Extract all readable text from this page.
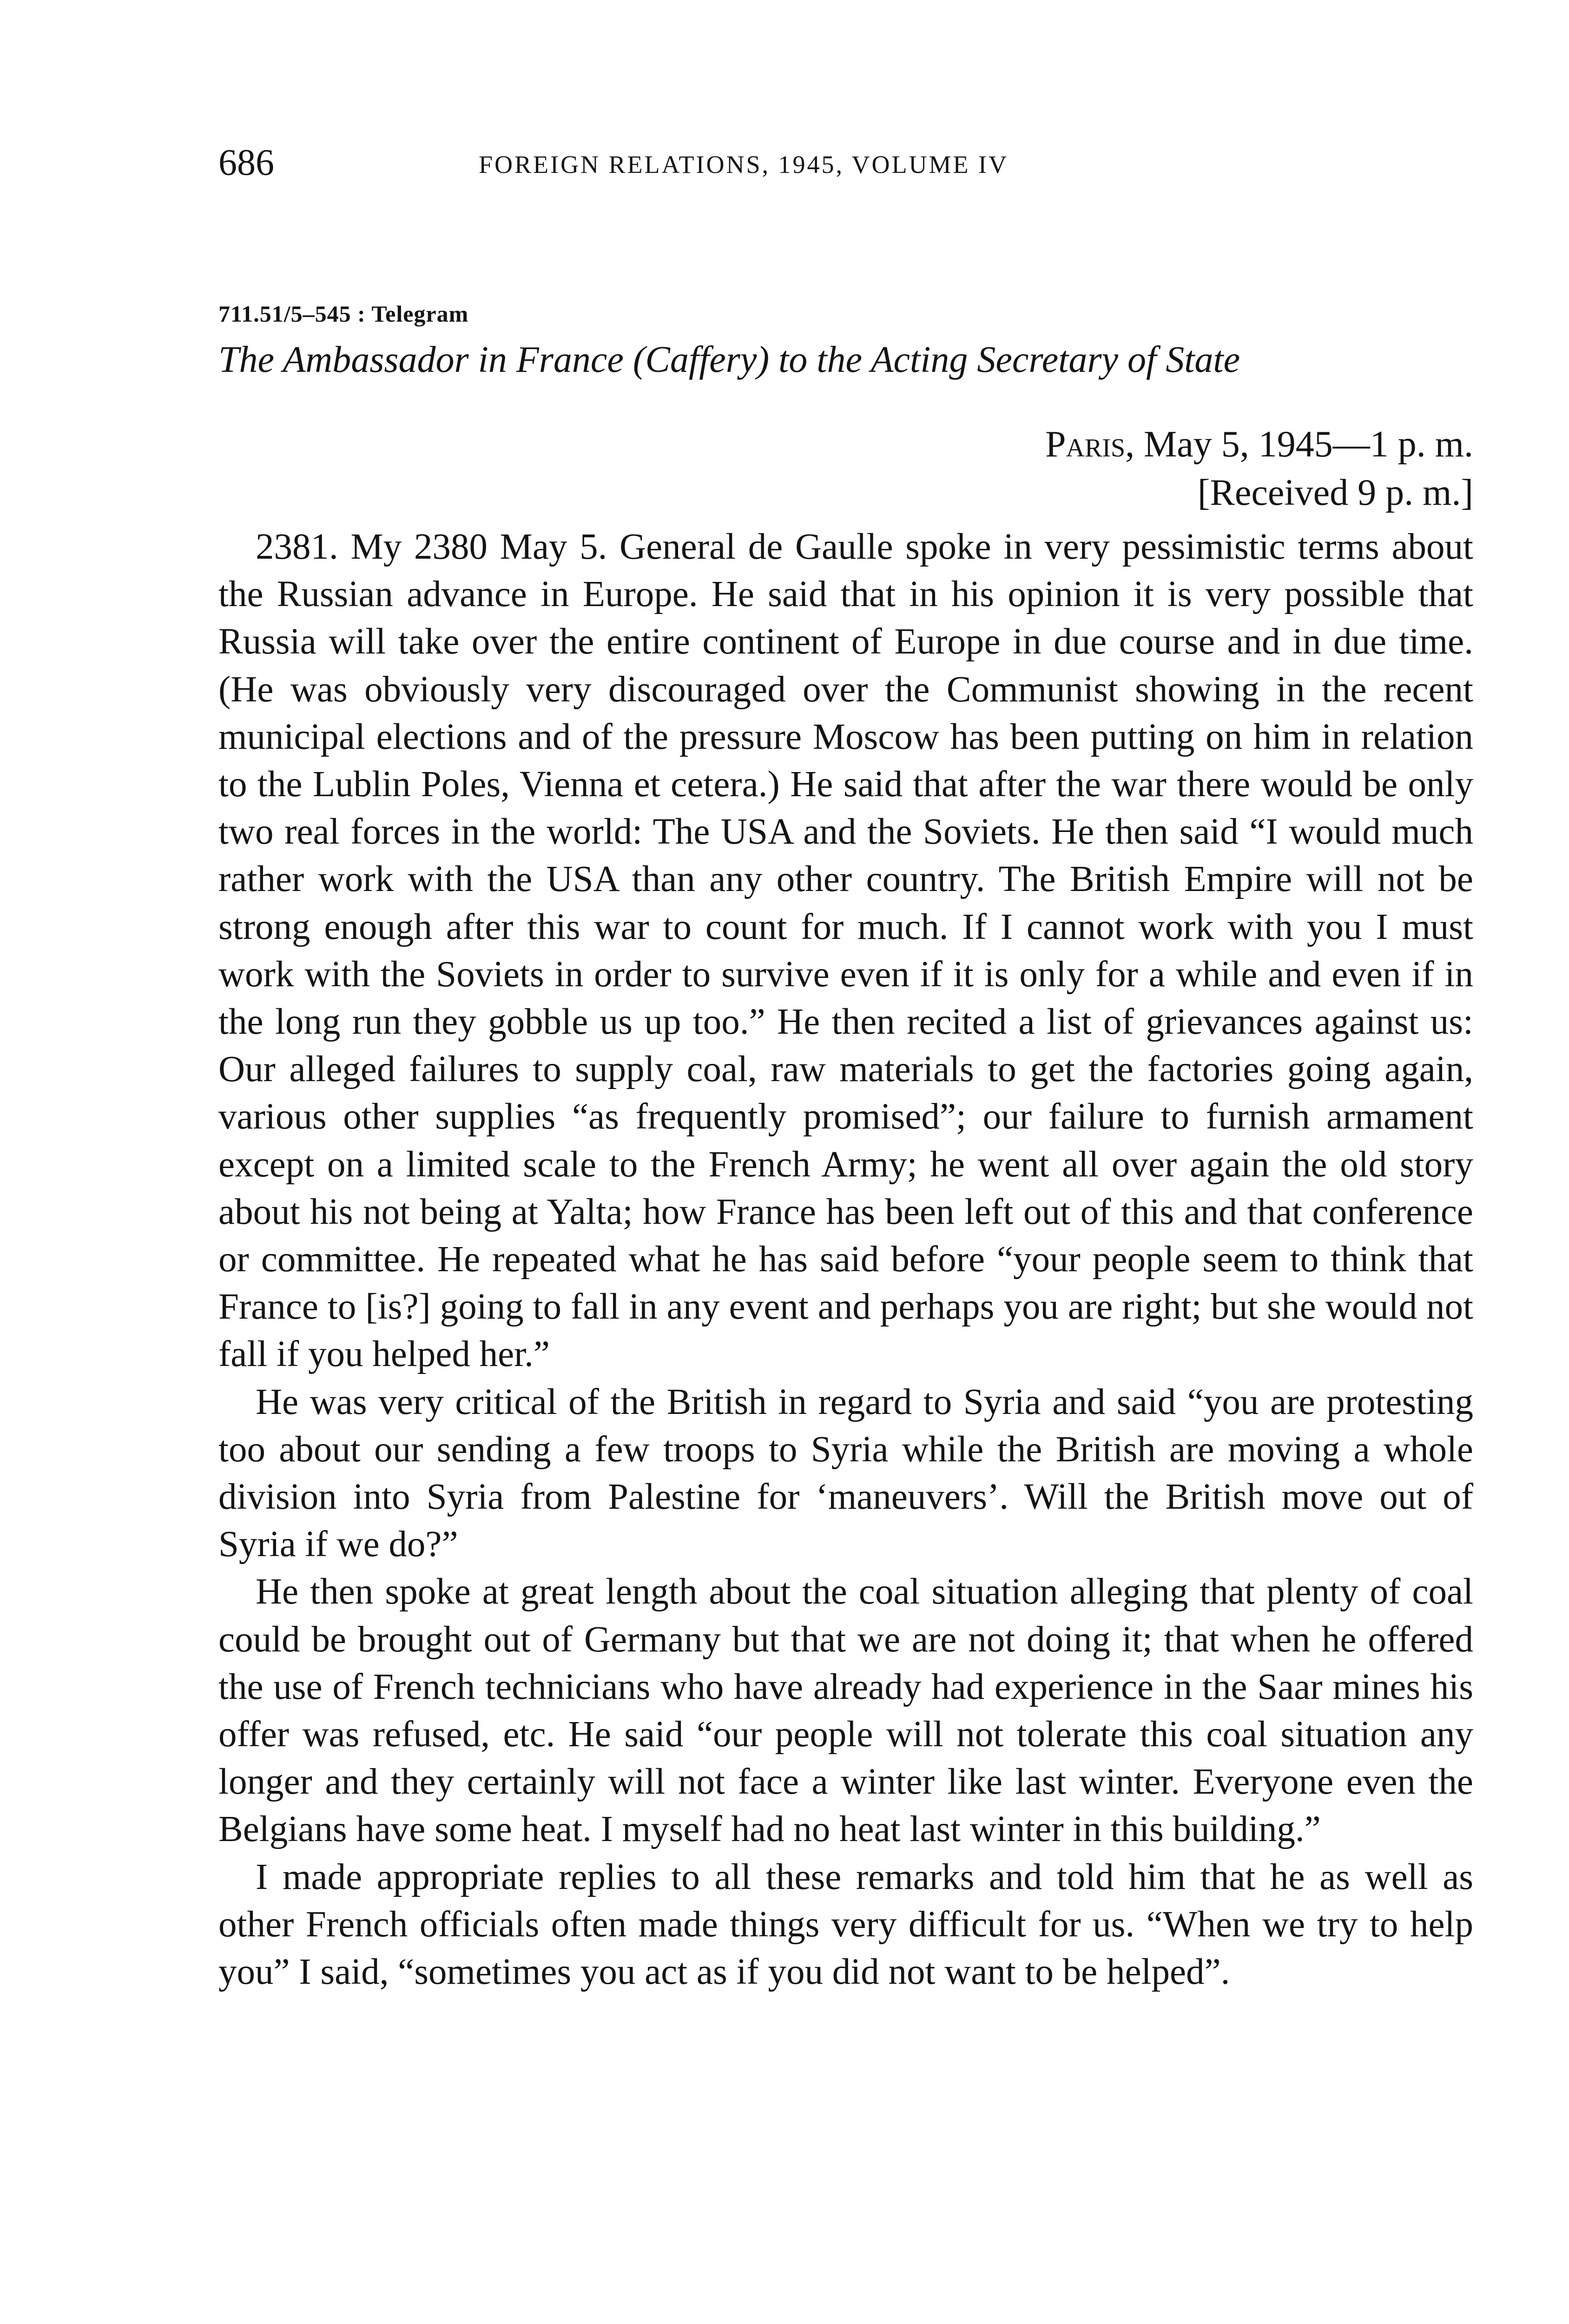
686	FOREIGN RELATIONS, 1945, VOLUME IV
711.51/5–545 : Telegram
The Ambassador in France (Caffery) to the Acting Secretary of State
Paris, May 5, 1945—1 p. m.
[Received 9 p. m.]

2381. My 2380 May 5. General de Gaulle spoke in very pessimistic terms about the Russian advance in Europe. He said that in his opinion it is very possible that Russia will take over the entire continent of Europe in due course and in due time. (He was obviously very discouraged over the Communist showing in the recent municipal elections and of the pressure Moscow has been putting on him in relation to the Lublin Poles, Vienna et cetera.) He said that after the war there would be only two real forces in the world: The USA and the Soviets. He then said “I would much rather work with the USA than any other country. The British Empire will not be strong enough after this war to count for much. If I cannot work with you I must work with the Soviets in order to survive even if it is only for a while and even if in the long run they gobble us up too.” He then recited a list of grievances against us: Our alleged failures to supply coal, raw materials to get the factories going again, various other supplies “as frequently promised”; our failure to furnish armament except on a limited scale to the French Army; he went all over again the old story about his not being at Yalta; how France has been left out of this and that conference or committee. He repeated what he has said before “your people seem to think that France to [is?] going to fall in any event and perhaps you are right; but she would not fall if you helped her.”

He was very critical of the British in regard to Syria and said “you are protesting too about our sending a few troops to Syria while the British are moving a whole division into Syria from Palestine for ‘maneuvers’. Will the British move out of Syria if we do?”

He then spoke at great length about the coal situation alleging that plenty of coal could be brought out of Germany but that we are not doing it; that when he offered the use of French technicians who have already had experience in the Saar mines his offer was refused, etc. He said “our people will not tolerate this coal situation any longer and they certainly will not face a winter like last winter. Everyone even the Belgians have some heat. I myself had no heat last winter in this building.”

I made appropriate replies to all these remarks and told him that he as well as other French officials often made things very difficult for us. “When we try to help you” I said, “sometimes you act as if you did not want to be helped”.
